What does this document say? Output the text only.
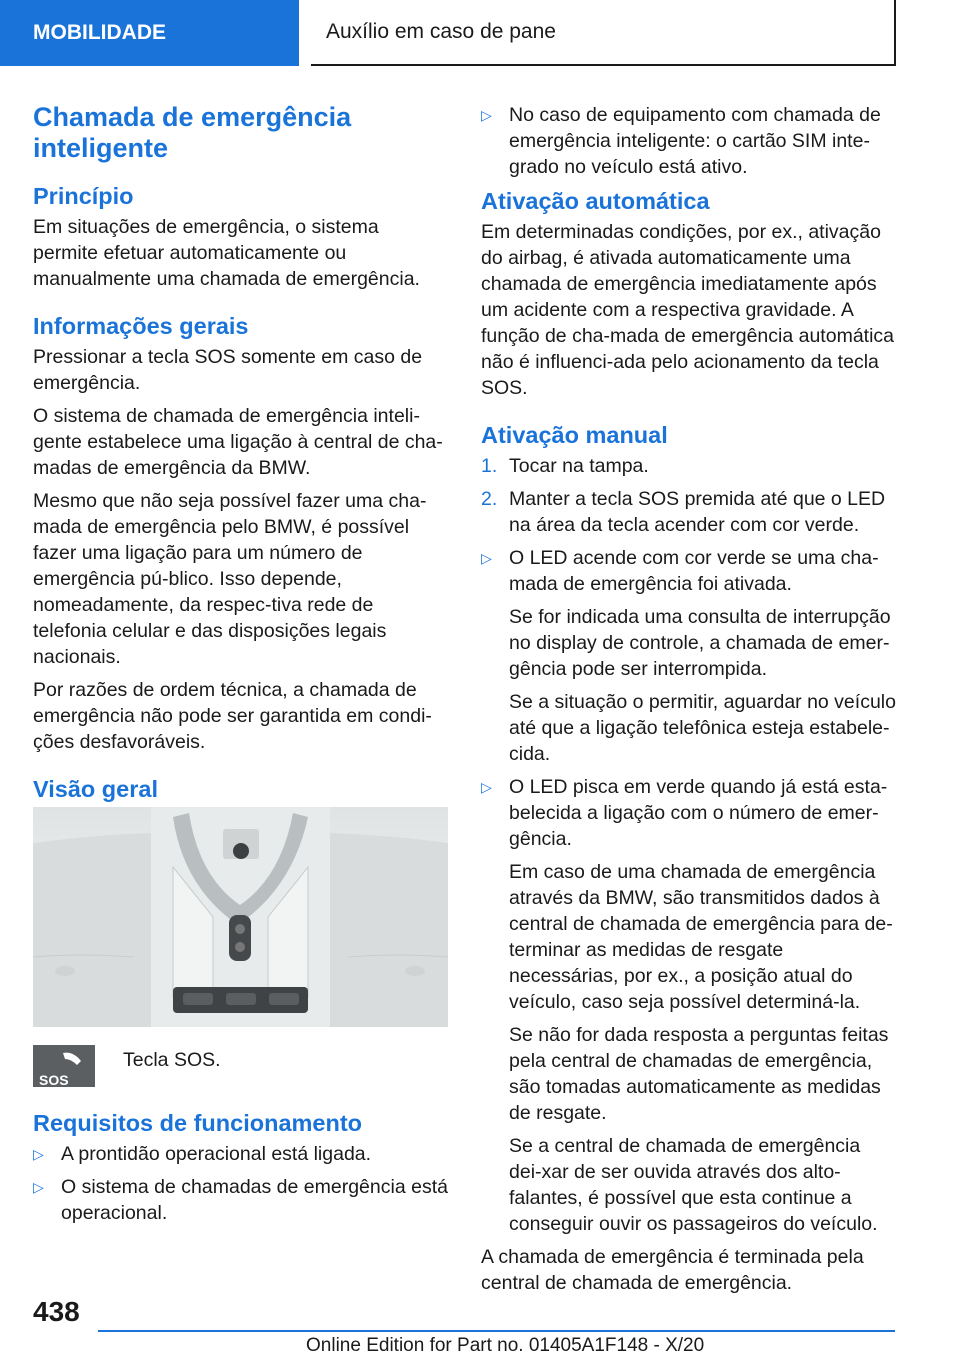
MOBILIDADE	Auxílio em caso de pane
Chamada de emergência inteligente
Princípio

Em situações de emergência, o sistema permite efetuar automaticamente ou manualmente uma chamada de emergência.

Informações gerais

Pressionar a tecla SOS somente em caso de emergência.

O sistema de chamada de emergência inteli‐gente estabelece uma ligação à central de cha‐madas de emergência da BMW.

Mesmo que não seja possível fazer uma cha‐mada de emergência pelo BMW, é possível fazer uma ligação para um número de emergência pú‐blico. Isso depende, nomeadamente, da respec‐tiva rede de telefonia celular e das disposições legais nacionais.

Por razões de ordem técnica, a chamada de emergência não pode ser garantida em condi‐ções desfavoráveis.

Visão geral
SOS
Tecla SOS.
Requisitos de funcionamento
▷ A prontidão operacional está ligada.
▷ O sistema de chamadas de emergência está operacional.
▷ No caso de equipamento com chamada de emergência inteligente: o cartão SIM inte‐grado no veículo está ativo.
Ativação automática

Em determinadas condições, por ex., ativação do airbag, é ativada automaticamente uma chamada de emergência imediatamente após um acidente com a respectiva gravidade. A função de cha‐mada de emergência automática não é influenci‐ada pelo acionamento da tecla SOS.

Ativação manual
1. Tocar na tampa.
2. Manter a tecla SOS premida até que o LED na área da tecla acender com cor verde.
▷ O LED acende com cor verde se uma cha‐mada de emergência foi ativada.

Se for indicada uma consulta de interrupção no display de controle, a chamada de emer‐gência pode ser interrompida.

Se a situação o permitir, aguardar no veículo até que a ligação telefônica esteja estabele‐cida.

▷ O LED pisca em verde quando já está esta‐belecida a ligação com o número de emer‐gência.

Em caso de uma chamada de emergência através da BMW, são transmitidos dados à central de chamada de emergência para de‐terminar as medidas de resgate necessárias, por ex., a posição atual do veículo, caso seja possível determiná-la.

Se não for dada resposta a perguntas feitas pela central de chamadas de emergência, são tomadas automaticamente as medidas de resgate.

Se a central de chamada de emergência dei‐xar de ser ouvida através dos alto-falantes, é possível que esta continue a conseguir ouvir os passageiros do veículo.

A chamada de emergência é terminada pela central de chamada de emergência.

438
Online Edition for Part no. 01405A1F148 - X/20
